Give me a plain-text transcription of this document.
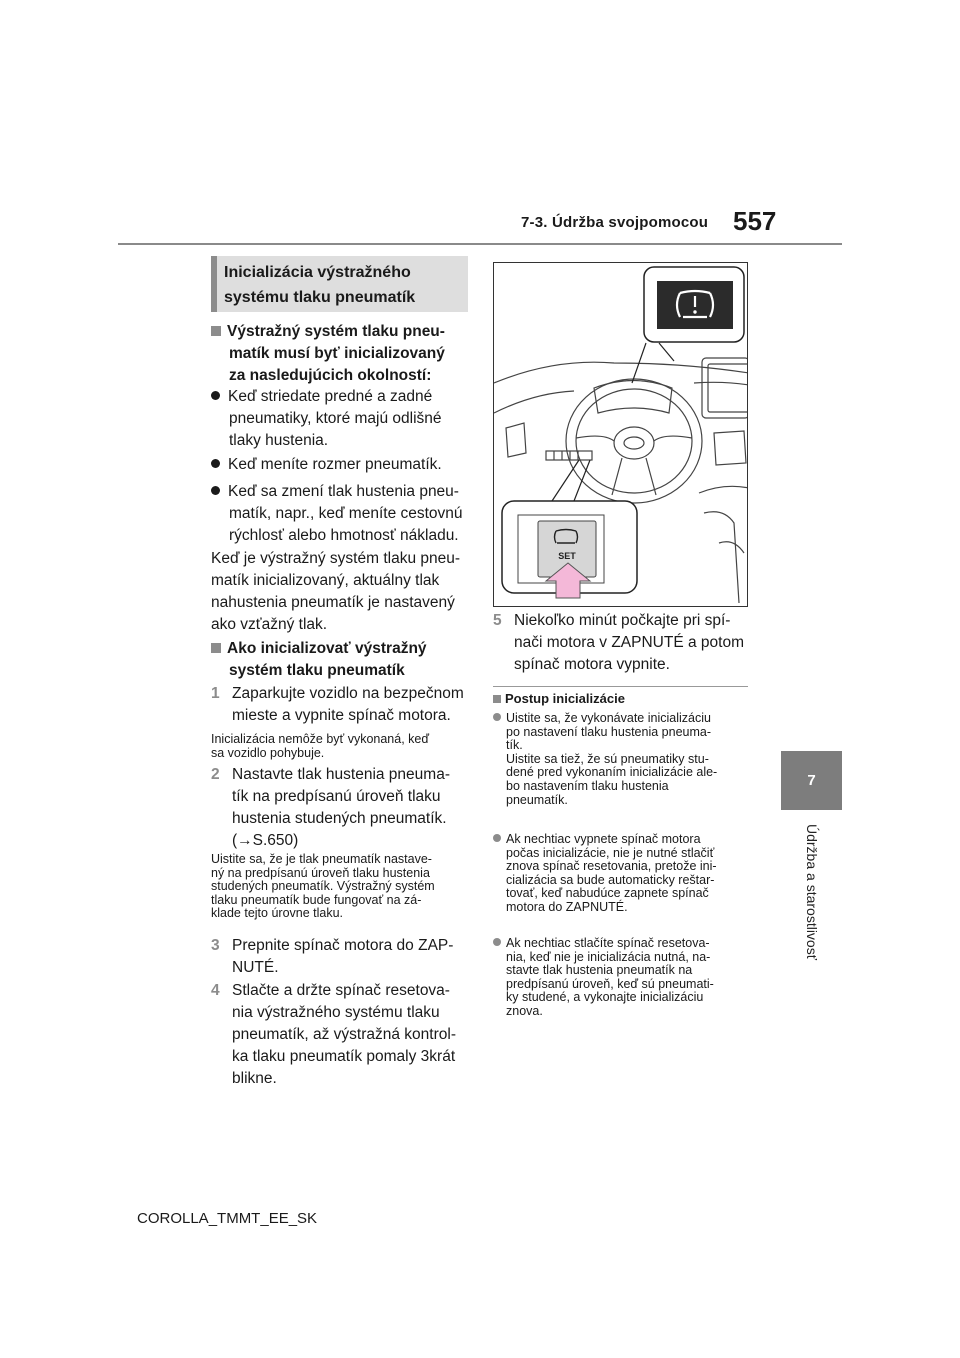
7-3. Údržba svojpomocou 557
7
Údržba a starostlivosť
Inicializácia výstražného
systému tlaku pneumatík
Výstražný systém tlaku pneu-
matík musí byť inicializovaný
za nasledujúcich okolností:
Keď striedate predné a zadné
pneumatiky, ktoré majú odlišné
tlaky hustenia.
Keď meníte rozmer pneumatík.
Keď sa zmení tlak hustenia pneu-
matík, napr., keď meníte cestovnú
rýchlosť alebo hmotnosť nákladu.
Keď je výstražný systém tlaku pneu-
matík inicializovaný, aktuálny tlak
nahustenia pneumatík je nastavený
ako vzťažný tlak.
Ako inicializovať výstražný
systém tlaku pneumatík
1 Zaparkujte vozidlo na bezpečnom
mieste a vypnite spínač motora.
Inicializácia nemôže byť vykonaná, keď
sa vozidlo pohybuje.
2 Nastavte tlak hustenia pneuma-
tík na predpísanú úroveň tlaku
hustenia studených pneumatík.
(→S.650)
Uistite sa, že je tlak pneumatík nastave-
ný na predpísanú úroveň tlaku hustenia
studených pneumatík. Výstražný systém
tlaku pneumatík bude fungovať na zá-
klade tejto úrovne tlaku.
3 Prepnite spínač motora do ZAP-
NUTÉ.
4 Stlačte a držte spínač resetova-
nia výstražného systému tlaku
pneumatík, až výstražná kontrol-
ka tlaku pneumatík pomaly 3krát
blikne.
SET
5 Niekoľko minút počkajte pri spí-
nači motora v ZAPNUTÉ a potom
spínač motora vypnite.
Postup inicializácie
Uistite sa, že vykonávate inicializáciu
po nastavení tlaku hustenia pneuma-
tík.
Uistite sa tiež, že sú pneumatiky stu-
dené pred vykonaním inicializácie ale-
bo nastavením tlaku hustenia
pneumatík.
Ak nechtiac vypnete spínač motora
počas inicializácie, nie je nutné stlačiť
znova spínač resetovania, pretože ini-
cializácia sa bude automaticky reštar-
tovať, keď nabudúce zapnete spínač
motora do ZAPNUTÉ.
Ak nechtiac stlačíte spínač resetova-
nia, keď nie je inicializácia nutná, na-
stavte tlak hustenia pneumatík na
predpísanú úroveň, keď sú pneumati-
ky studené, a vykonajte inicializáciu
znova.
COROLLA_TMMT_EE_SK
